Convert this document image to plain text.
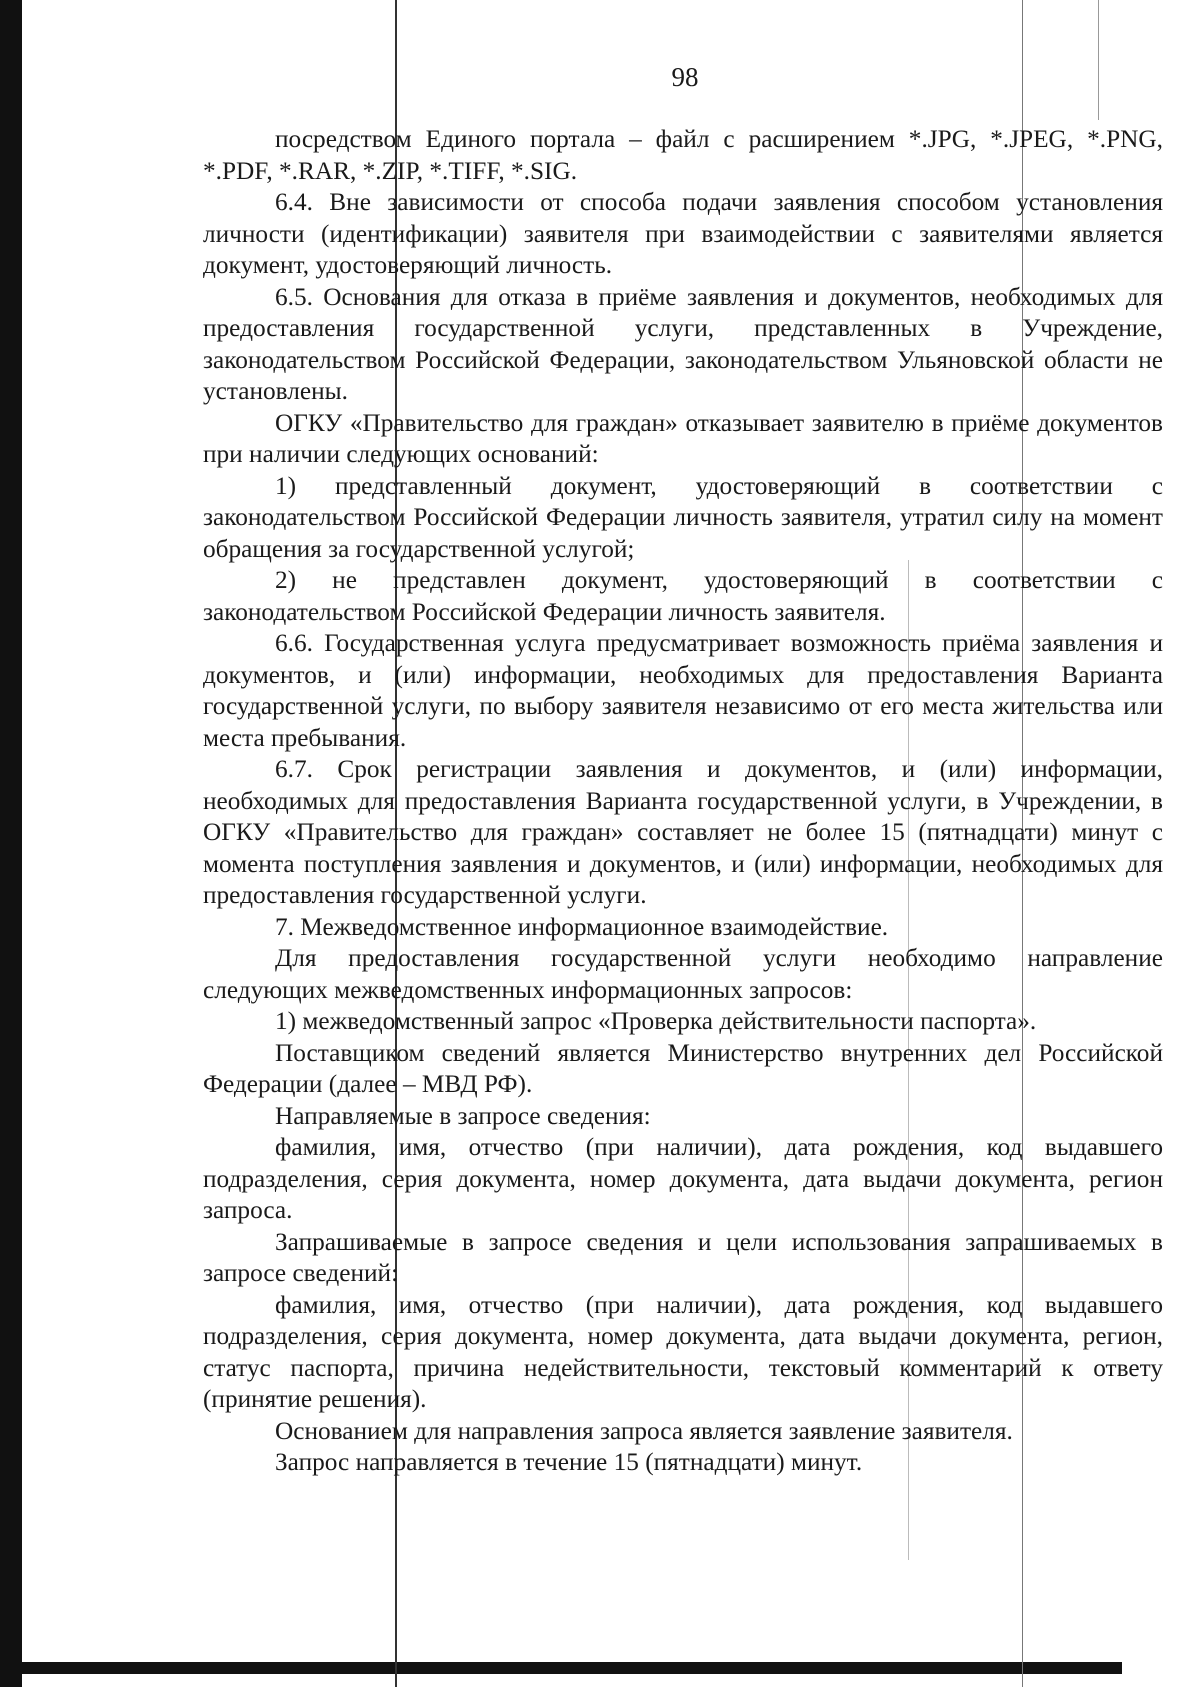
98

посредством Единого портала – файл с расширением *.JPG, *.JPEG, *.PNG, *.PDF, *.RAR, *.ZIP, *.TIFF, *.SIG.

6.4. Вне зависимости от способа подачи заявления способом установления личности (идентификации) заявителя при взаимодействии с заявителями является документ, удостоверяющий личность.

6.5. Основания для отказа в приёме заявления и документов, необходимых для предоставления государственной услуги, представленных в Учреждение, законодательством Российской Федерации, законодательством Ульяновской области не установлены.

ОГКУ «Правительство для граждан» отказывает заявителю в приёме документов при наличии следующих оснований:

1) представленный документ, удостоверяющий в соответствии с законодательством Российской Федерации личность заявителя, утратил силу на момент обращения за государственной услугой;

2) не представлен документ, удостоверяющий в соответствии с законодательством Российской Федерации личность заявителя.

6.6. Государственная услуга предусматривает возможность приёма заявления и документов, и (или) информации, необходимых для предоставления Варианта государственной услуги, по выбору заявителя независимо от его места жительства или места пребывания.

6.7. Срок регистрации заявления и документов, и (или) информации, необходимых для предоставления Варианта государственной услуги, в Учреждении, в ОГКУ «Правительство для граждан» составляет не более 15 (пятнадцати) минут с момента поступления заявления и документов, и (или) информации, необходимых для предоставления государственной услуги.

7. Межведомственное информационное взаимодействие.

Для предоставления государственной услуги необходимо направление следующих межведомственных информационных запросов:

1) межведомственный запрос «Проверка действительности паспорта».

Поставщиком сведений является Министерство внутренних дел Российской Федерации (далее – МВД РФ).

Направляемые в запросе сведения:

фамилия, имя, отчество (при наличии), дата рождения, код выдавшего подразделения, серия документа, номер документа, дата выдачи документа, регион запроса.

Запрашиваемые в запросе сведения и цели использования запрашиваемых в запросе сведений:

фамилия, имя, отчество (при наличии), дата рождения, код выдавшего подразделения, серия документа, номер документа, дата выдачи документа, регион, статус паспорта, причина недействительности, текстовый комментарий к ответу (принятие решения).

Основанием для направления запроса является заявление заявителя.

Запрос направляется в течение 15 (пятнадцати) минут.
